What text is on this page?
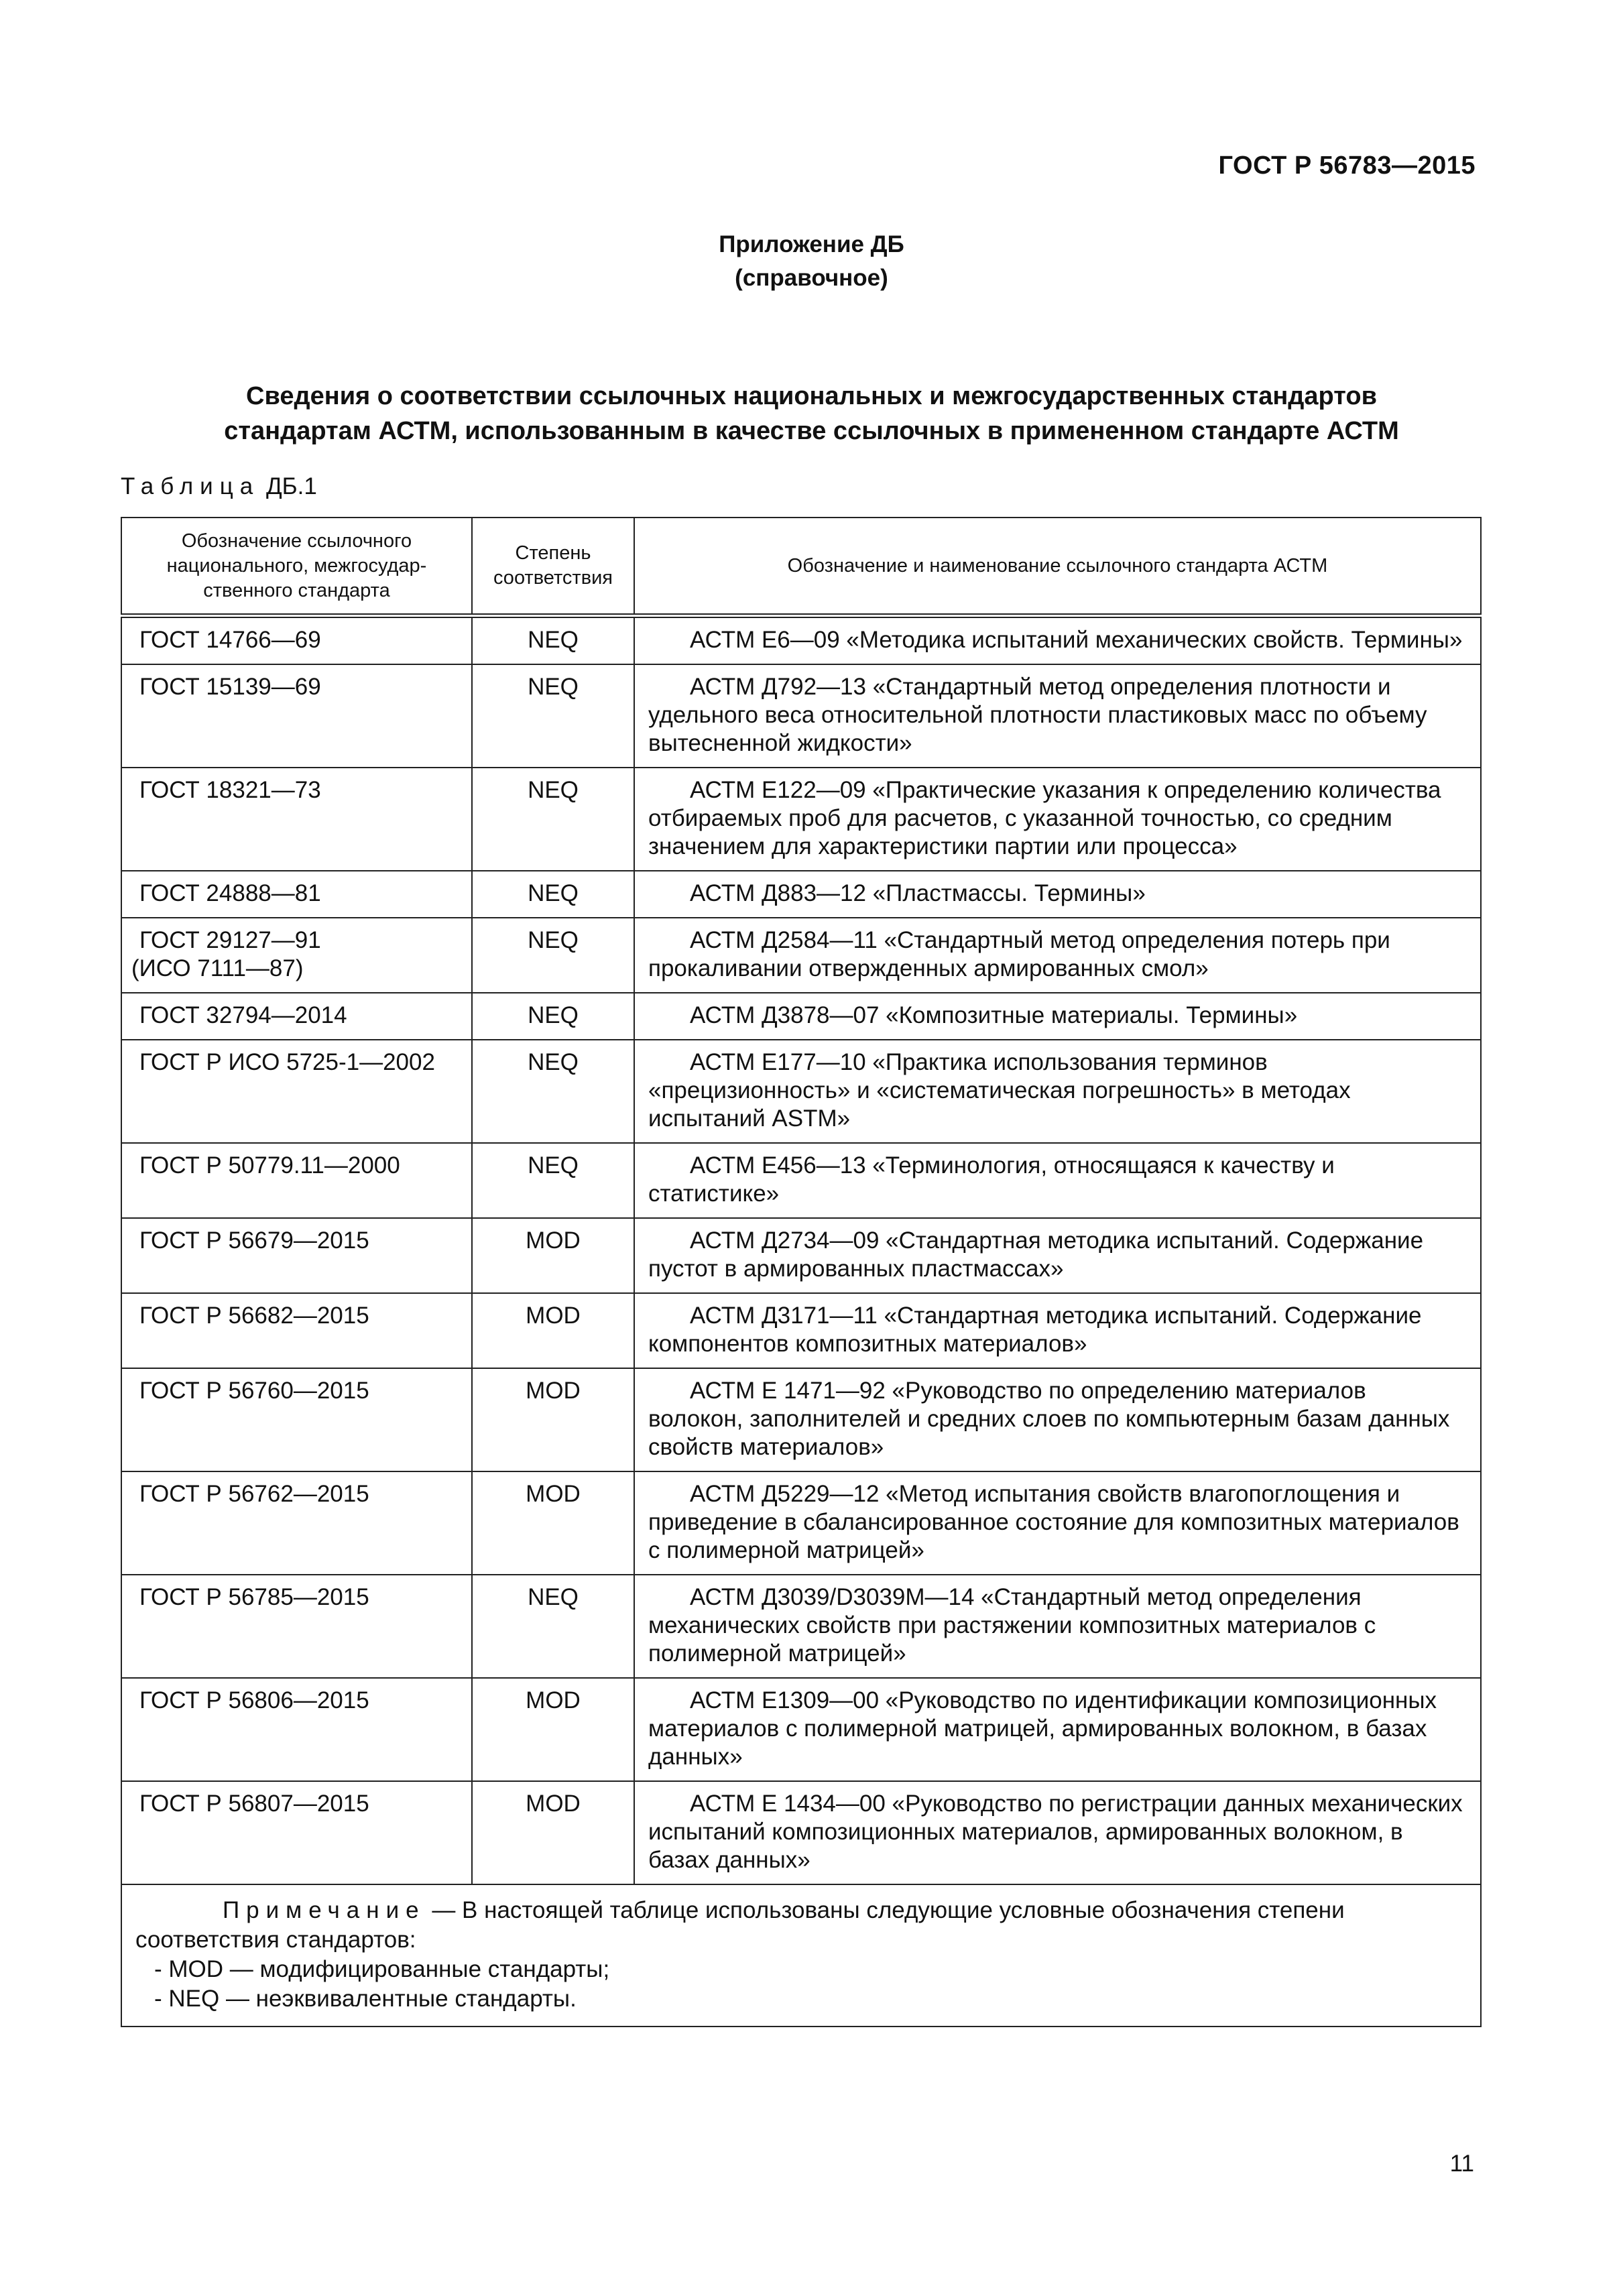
ГОСТ Р 56783—2015
Приложение ДБ
(справочное)
Сведения о соответствии ссылочных национальных и межгосударственных стандартов
стандартам АСТМ, использованным в качестве ссылочных в примененном стандарте АСТМ
Таблица ДБ.1
Обозначение ссылочного национального, межгосудар-ственного стандарта	Степень соответствия	Обозначение и наименование ссылочного стандарта АСТМ

ГОСТ 14766—69	NEQ	АСТМ Е6—09 «Методика испытаний механических свойств. Термины»

ГОСТ 15139—69	NEQ	АСТМ Д792—13 «Стандартный метод определения плотности и удельного веса относительной плотности пластиковых масс по объему вытесненной жидкости»

ГОСТ 18321—73	NEQ	АСТМ Е122—09 «Практические указания к определению количества отбираемых проб для расчетов, с указанной точностью, со средним значением для характеристики партии или процесса»

ГОСТ 24888—81	NEQ	АСТМ Д883—12 «Пластмассы. Термины»

ГОСТ 29127—91
(ИСО 7111—87)	NEQ	АСТМ Д2584—11 «Стандартный метод определения потерь при прокаливании отвержденных армированных смол»

ГОСТ 32794—2014	NEQ	АСТМ Д3878—07 «Композитные материалы. Термины»

ГОСТ Р ИСО 5725-1—2002	NEQ	АСТМ Е177—10 «Практика использования терминов «прецизионность» и «систематическая погрешность» в методах испытаний ASTM»

ГОСТ Р 50779.11—2000	NEQ	АСТМ Е456—13 «Терминология, относящаяся к качеству и статистике»

ГОСТ Р 56679—2015	MOD	АСТМ Д2734—09 «Стандартная методика испытаний. Содержание пустот в армированных пластмассах»

ГОСТ Р 56682—2015	MOD	АСТМ Д3171—11 «Стандартная методика испытаний. Содержание компонентов композитных материалов»

ГОСТ Р 56760—2015	MOD	АСТМ Е 1471—92 «Руководство по определению материалов волокон, заполнителей и средних слоев по компьютерным базам данных свойств материалов»

ГОСТ Р 56762—2015	MOD	АСТМ Д5229—12 «Метод испытания свойств влагопоглощения и приведение в сбалансированное состояние для композитных материалов с полимерной матрицей»

ГОСТ Р 56785—2015	NEQ	АСТМ Д3039/D3039M—14 «Стандартный метод определения механических свойств при растяжении композитных материалов с полимерной матрицей»

ГОСТ Р 56806—2015	MOD	АСТМ Е1309—00 «Руководство по идентификации композиционных материалов с полимерной матрицей, армированных волокном, в базах данных»

ГОСТ Р 56807—2015	MOD	АСТМ Е 1434—00 «Руководство по регистрации данных механических испытаний композиционных материалов, армированных волокном, в базах данных»

Примечание — В настоящей таблице использованы следующие условные обозначения степени соответствия стандартов:
- MOD — модифицированные стандарты;
- NEQ — неэквивалентные стандарты.		
11
